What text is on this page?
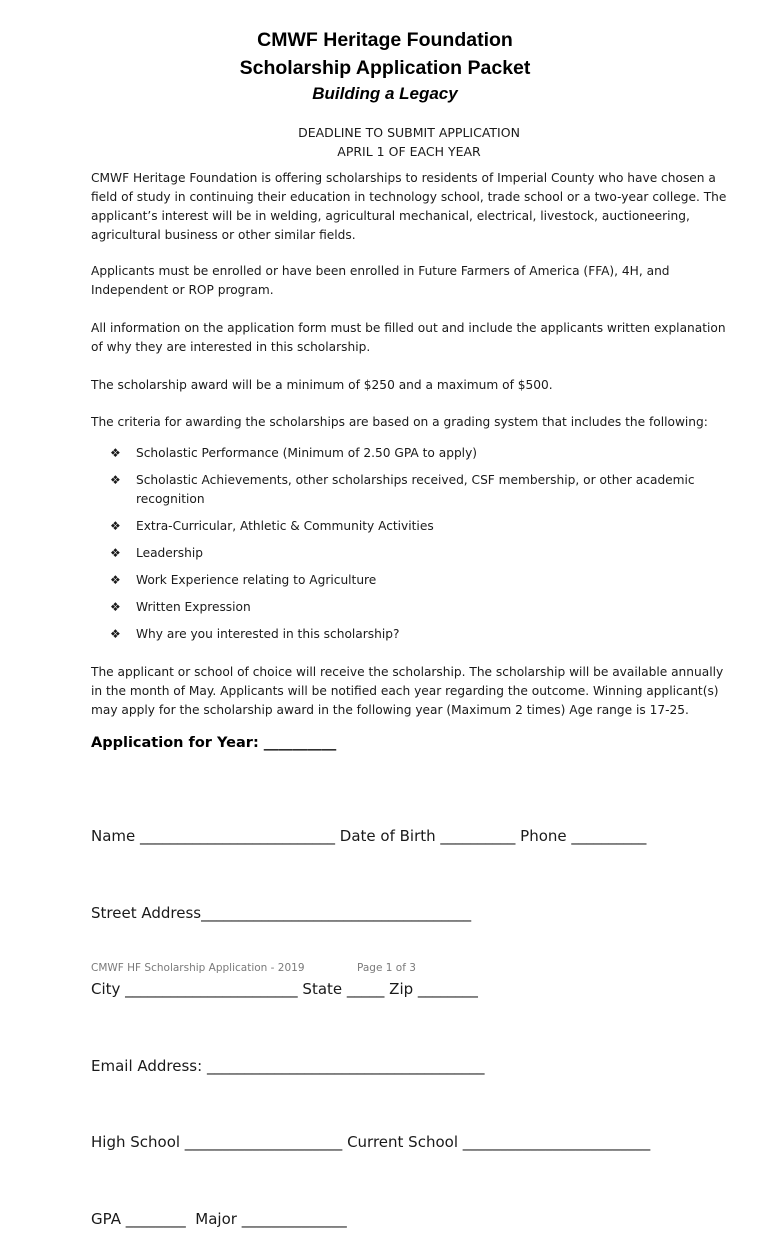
CMWF Heritage Foundation
Scholarship Application Packet
Building a Legacy
DEADLINE TO SUBMIT APPLICATION
APRIL 1 OF EACH YEAR

CMWF Heritage Foundation is offering scholarships to residents of Imperial County who have chosen a field of study in continuing their education in technology school, trade school or a two-year college. The applicant’s interest will be in welding, agricultural mechanical, electrical, livestock, auctioneering, agricultural business or other similar fields.

Applicants must be enrolled or have been enrolled in Future Farmers of America (FFA), 4H, and Independent or ROP program.

All information on the application form must be filled out and include the applicants written explanation of why they are interested in this scholarship.

The scholarship award will be a minimum of $250 and a maximum of $500.

The criteria for awarding the scholarships are based on a grading system that includes the following:

❖ Scholastic Performance (Minimum of 2.50 GPA to apply)
❖ Scholastic Achievements, other scholarships received, CSF membership, or other academic recognition
❖ Extra-Curricular, Athletic & Community Activities
❖ Leadership
❖ Work Experience relating to Agriculture
❖ Written Expression
❖ Why are you interested in this scholarship?

The applicant or school of choice will receive the scholarship. The scholarship will be available annually in the month of May. Applicants will be notified each year regarding the outcome. Winning applicant(s) may apply for the scholarship award in the following year (Maximum 2 times) Age range is 17-25.

Application for Year: __________

Name __________________________ Date of Birth __________ Phone __________

Street Address____________________________________

City _______________________ State _____ Zip ________

Email Address: _____________________________________

High School _____________________ Current School _________________________

GPA ________  Major ______________

CMWF HF Scholarship Application - 2019	Page 1 of 3
